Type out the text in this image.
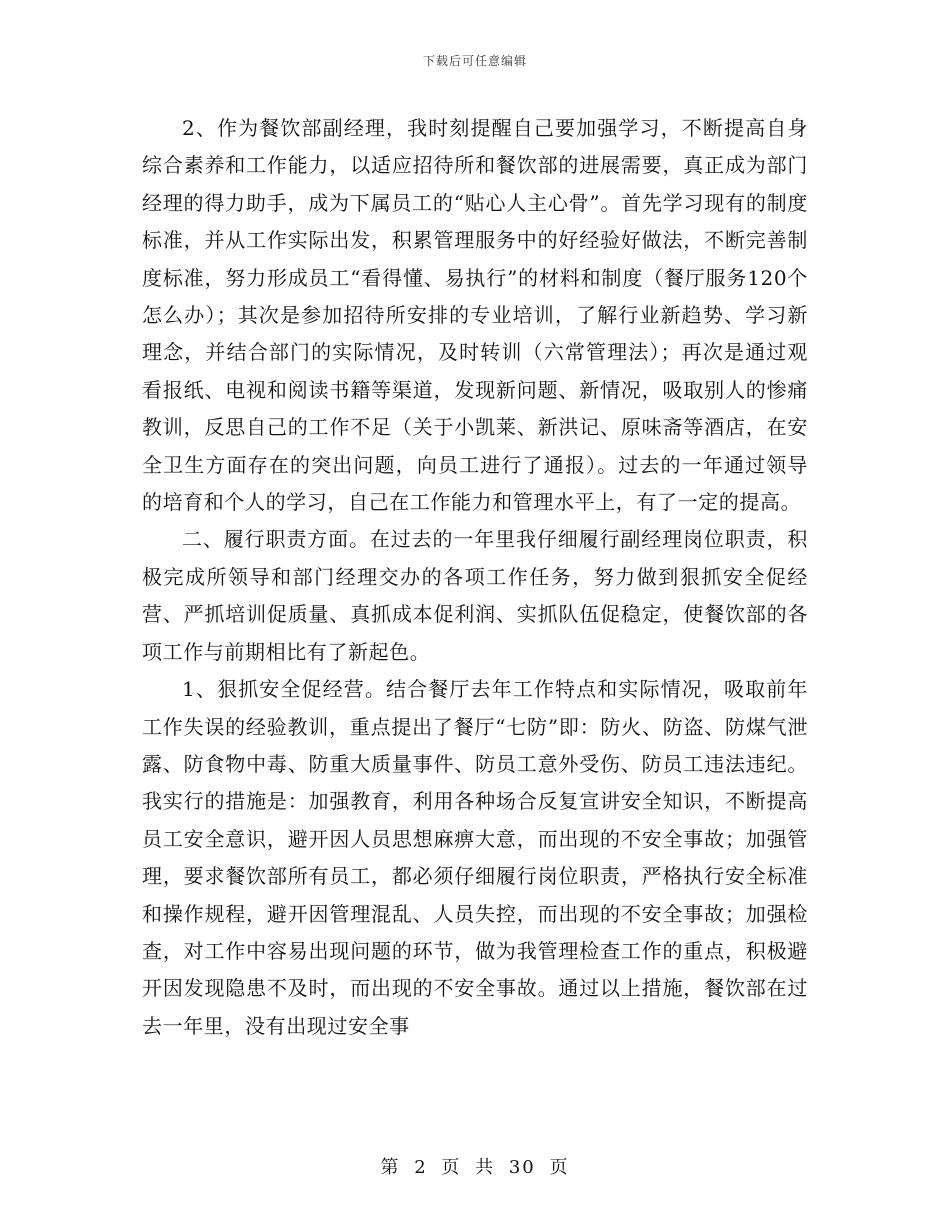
下载后可任意编辑

2、作为餐饮部副经理，我时刻提醒自己要加强学习，不断提高自身综合素养和工作能力，以适应招待所和餐饮部的进展需要，真正成为部门经理的得力助手，成为下属员工的“贴心人主心骨”。首先学习现有的制度标准，并从工作实际出发，积累管理服务中的好经验好做法，不断完善制度标准，努力形成员工“看得懂、易执行”的材料和制度（餐厅服务120个怎么办）；其次是参加招待所安排的专业培训，了解行业新趋势、学习新理念，并结合部门的实际情况，及时转训（六常管理法）；再次是通过观看报纸、电视和阅读书籍等渠道，发现新问题、新情况，吸取别人的惨痛教训，反思自己的工作不足（关于小凯莱、新洪记、原味斋等酒店，在安全卫生方面存在的突出问题，向员工进行了通报）。过去的一年通过领导的培育和个人的学习，自己在工作能力和管理水平上，有了一定的提高。

二、履行职责方面。在过去的一年里我仔细履行副经理岗位职责，积极完成所领导和部门经理交办的各项工作任务，努力做到狠抓安全促经营、严抓培训促质量、真抓成本促利润、实抓队伍促稳定，使餐饮部的各项工作与前期相比有了新起色。

1、狠抓安全促经营。结合餐厅去年工作特点和实际情况，吸取前年工作失误的经验教训，重点提出了餐厅“七防”即：防火、防盗、防煤气泄露、防食物中毒、防重大质量事件、防员工意外受伤、防员工违法违纪。我实行的措施是：加强教育，利用各种场合反复宣讲安全知识，不断提高员工安全意识，避开因人员思想麻痹大意，而出现的不安全事故；加强管理，要求餐饮部所有员工，都必须仔细履行岗位职责，严格执行安全标准和操作规程，避开因管理混乱、人员失控，而出现的不安全事故；加强检查，对工作中容易出现问题的环节，做为我管理检查工作的重点，积极避开因发现隐患不及时，而出现的不安全事故。通过以上措施，餐饮部在过去一年里，没有出现过安全事

第 2 页 共 30 页
